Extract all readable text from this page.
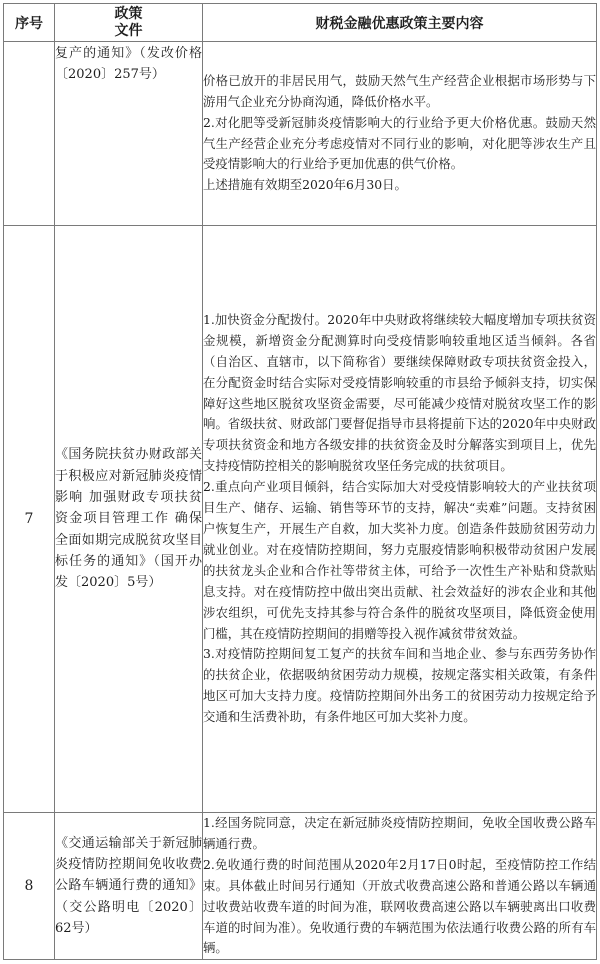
序号	政策
文件	财税金融优惠政策主要内容
	复产的通知》（发改价格〔2020〕257号）	价格已放开的非居民用气，鼓励天然气生产经营企业根据市场形势与下游用气企业充分协商沟通，降低价格水平。
2.对化肥等受新冠肺炎疫情影响大的行业给予更大价格优惠。鼓励天然气生产经营企业充分考虑疫情对不同行业的影响，对化肥等涉农生产且受疫情影响大的行业给予更加优惠的供气价格。
上述措施有效期至2020年6月30日。

7	《国务院扶贫办财政部关于积极应对新冠肺炎疫情影响 加强财政专项扶贫资金项目管理工作 确保全面如期完成脱贫攻坚目标任务的通知》（国开办发〔2020〕5号）	1.加快资金分配拨付。2020年中央财政将继续较大幅度增加专项扶贫资金规模，新增资金分配测算时向受疫情影响较重地区适当倾斜。各省（自治区、直辖市，以下简称省）要继续保障财政专项扶贫资金投入，在分配资金时结合实际对受疫情影响较重的市县给予倾斜支持，切实保障好这些地区脱贫攻坚资金需要，尽可能减少疫情对脱贫攻坚工作的影响。省级扶贫、财政部门要督促指导市县将提前下达的2020年中央财政专项扶贫资金和地方各级安排的扶贫资金及时分解落实到项目上，优先支持疫情防控相关的影响脱贫攻坚任务完成的扶贫项目。
2.重点向产业项目倾斜，结合实际加大对受疫情影响较大的产业扶贫项目生产、储存、运输、销售等环节的支持，解决“卖难”问题。支持贫困户恢复生产，开展生产自救，加大奖补力度。创造条件鼓励贫困劳动力就业创业。对在疫情防控期间，努力克服疫情影响积极带动贫困户发展的扶贫龙头企业和合作社等带贫主体，可给予一次性生产补贴和贷款贴息支持。对在疫情防控中做出突出贡献、社会效益好的涉农企业和其他涉农组织，可优先支持其参与符合条件的脱贫攻坚项目，降低资金使用门槛，其在疫情防控期间的捐赠等投入视作减贫带贫效益。
3.对疫情防控期间复工复产的扶贫车间和当地企业、参与东西劳务协作的扶贫企业，依据吸纳贫困劳动力规模，按规定落实相关政策，有条件地区可加大支持力度。疫情防控期间外出务工的贫困劳动力按规定给予交通和生活费补助，有条件地区可加大奖补力度。

8	《交通运输部关于新冠肺炎疫情防控期间免收收费公路车辆通行费的通知》（交公路明电〔2020〕62号）	1.经国务院同意，决定在新冠肺炎疫情防控期间，免收全国收费公路车辆通行费。
2.免收通行费的时间范围从2020年2月17日0时起，至疫情防控工作结束。具体截止时间另行通知（开放式收费高速公路和普通公路以车辆通过收费站收费车道的时间为准，联网收费高速公路以车辆驶离出口收费车道的时间为准）。免收通行费的车辆范围为依法通行收费公路的所有车辆。
